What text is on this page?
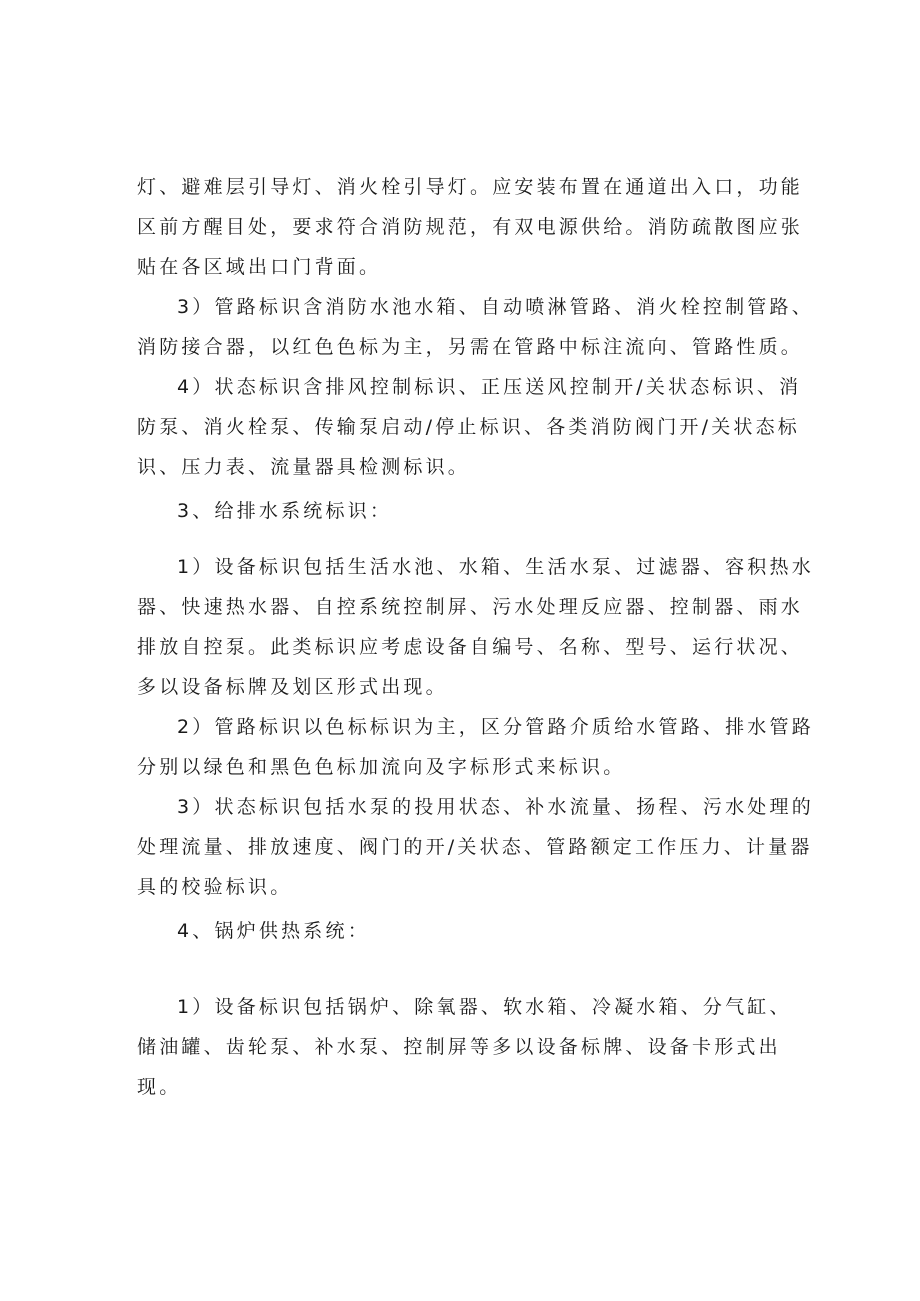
灯、避难层引导灯、消火栓引导灯。应安装布置在通道出入口，功能

区前方醒目处，要求符合消防规范，有双电源供给。消防疏散图应张

贴在各区域出口门背面。

3）管路标识含消防水池水箱、自动喷淋管路、消火栓控制管路、

消防接合器，以红色色标为主，另需在管路中标注流向、管路性质。

4）状态标识含排风控制标识、正压送风控制开/关状态标识、消

防泵、消火栓泵、传输泵启动/停止标识、各类消防阀门开/关状态标

识、压力表、流量器具检测标识。

3、给排水系统标识：

1）设备标识包括生活水池、水箱、生活水泵、过滤器、容积热水

器、快速热水器、自控系统控制屏、污水处理反应器、控制器、雨水

排放自控泵。此类标识应考虑设备自编号、名称、型号、运行状况、

多以设备标牌及划区形式出现。

2）管路标识以色标标识为主，区分管路介质给水管路、排水管路

分别以绿色和黑色色标加流向及字标形式来标识。

3）状态标识包括水泵的投用状态、补水流量、扬程、污水处理的

处理流量、排放速度、阀门的开/关状态、管路额定工作压力、计量器

具的校验标识。

4、锅炉供热系统：

1）设备标识包括锅炉、除氧器、软水箱、冷凝水箱、分气缸、

储油罐、齿轮泵、补水泵、控制屏等多以设备标牌、设备卡形式出

现。
